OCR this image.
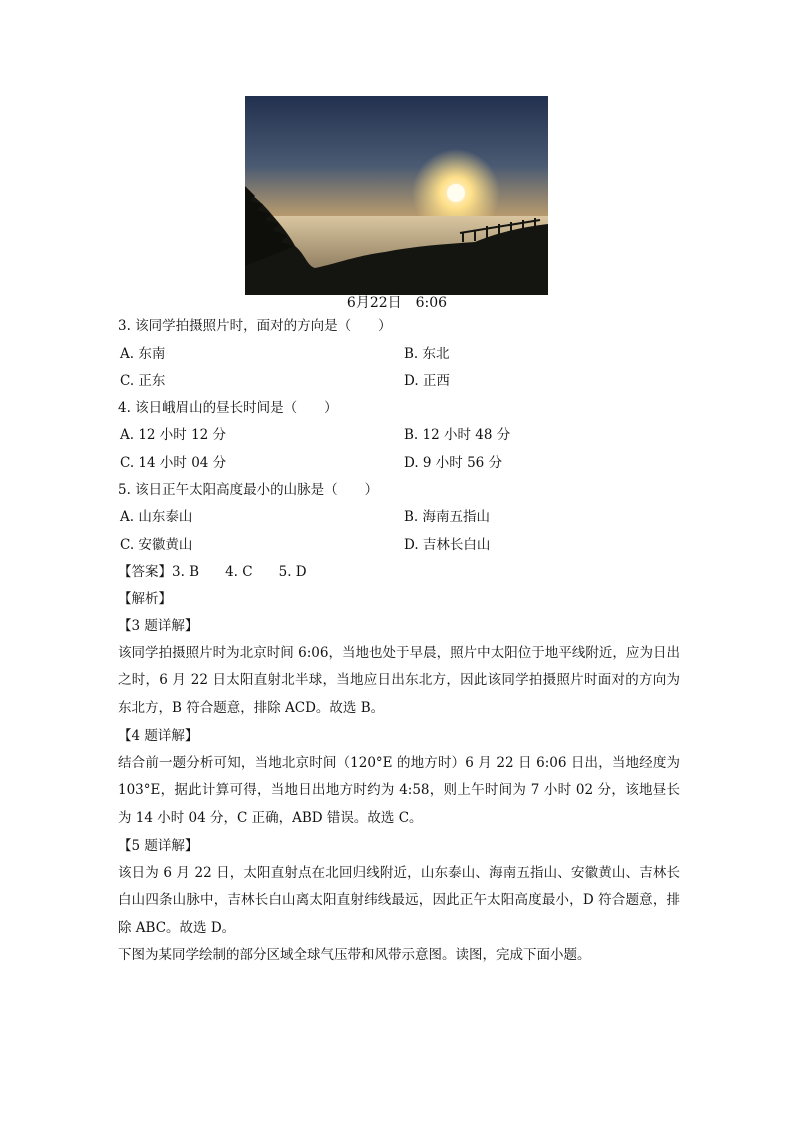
6月22日　6:06
3. 该同学拍摄照片时，面对的方向是（　　）
A. 东南	B. 东北
C. 正东	D. 正西
4. 该日峨眉山的昼长时间是（　　）
A. 12 小时 12 分	B. 12 小时 48 分
C. 14 小时 04 分	D. 9 小时 56 分
5. 该日正午太阳高度最小的山脉是（　　）
A. 山东泰山	B. 海南五指山
C. 安徽黄山	D. 吉林长白山
【答案】3. B 4. C 5. D
【解析】
【3 题详解】
该同学拍摄照片时为北京时间 6:06，当地也处于早晨，照片中太阳位于地平线附近，应为日出之时，6 月 22 日太阳直射北半球，当地应日出东北方，因此该同学拍摄照片时面对的方向为东北方，B 符合题意，排除 ACD。故选 B。
【4 题详解】
结合前一题分析可知，当地北京时间（120°E 的地方时）6 月 22 日 6:06 日出，当地经度为 103°E，据此计算可得，当地日出地方时约为 4:58，则上午时间为 7 小时 02 分，该地昼长为 14 小时 04 分，C 正确，ABD 错误。故选 C。
【5 题详解】
该日为 6 月 22 日，太阳直射点在北回归线附近，山东泰山、海南五指山、安徽黄山、吉林长白山四条山脉中，吉林长白山离太阳直射纬线最远，因此正午太阳高度最小，D 符合题意，排除 ABC。故选 D。
下图为某同学绘制的部分区域全球气压带和风带示意图。读图，完成下面小题。
